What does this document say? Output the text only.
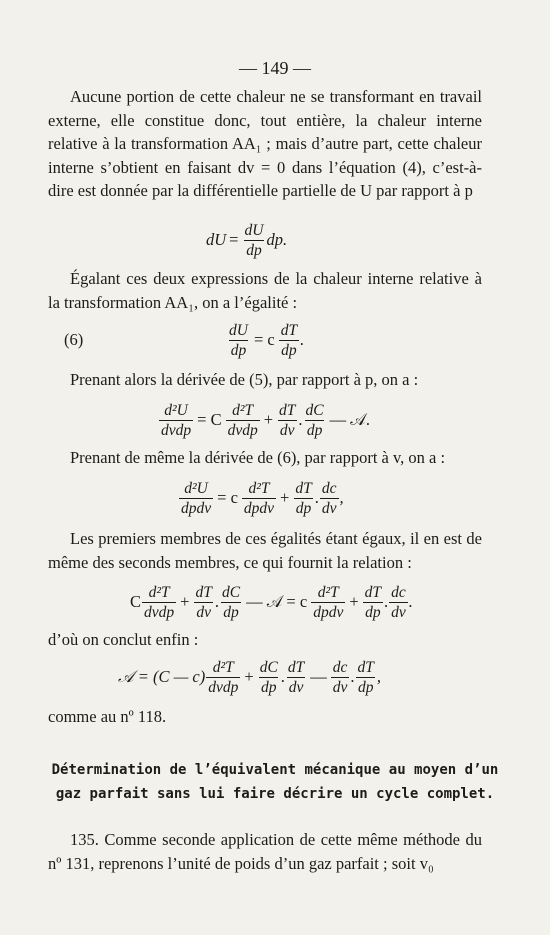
— 149 —

Aucune portion de cette chaleur ne se transformant en travail externe, elle constitue donc, tout entière, la chaleur interne relative à la transformation AA₁ ; mais d’autre part, cette chaleur interne s’obtient en faisant dv = 0 dans l’équation (4), c’est-à-dire est donnée par la différentielle partielle de U par rapport à p

dU = $\frac{dU}{dp}$ dp.

Égalant ces deux expressions de la chaleur interne relative à la transformation AA₁, on a l’égalité :

(6)	$\frac{dU}{dp} = c \frac{dT}{dp}$ .

Prenant alors la dérivée de (5), par rapport à p, on a :

$\frac{\text{d²U}}{\text{dvdp}} = C \frac{\text{d²T}}{\text{dvdp}} + \frac{dT}{dv}$ . $\frac{dC}{dp}$ — 𝒜.

Prenant de même la dérivée de (6), par rapport à v, on a :

$\frac{\text{d²U}}{\text{dpdv}} = c \frac{\text{d²T}}{\text{dpdv}} + \frac{dT}{dp}$ . $\frac{dc}{dv}$ ,

Les premiers membres de ces égalités étant égaux, il en est de même des seconds membres, ce qui fournit la relation :

C $\frac{\text{d²T}}{\text{dvdp}} + \frac{dT}{dv}$ . $\frac{dC}{dp}$ — 𝒜 = c $\frac{\text{d²T}}{\text{dpdv}} + \frac{dT}{dp}$ . $\frac{dc}{dv}$ .

d’où on conclut enfin :

𝒜 = (C — $c) \frac{\text{d²T}}{\text{dvdp}} + \frac{dC}{dp}$ . $\frac{dT}{dv}$ — $\frac{dc}{dv}$ . $\frac{dT}{dp}$ ,

comme au nº 118.

Détermination de l’équivalent mécanique au moyen d’un gaz parfait sans lui faire décrire un cycle complet.

135. Comme seconde application de cette même méthode du nº 131, reprenons l’unité de poids d’un gaz parfait ; soit v₀
